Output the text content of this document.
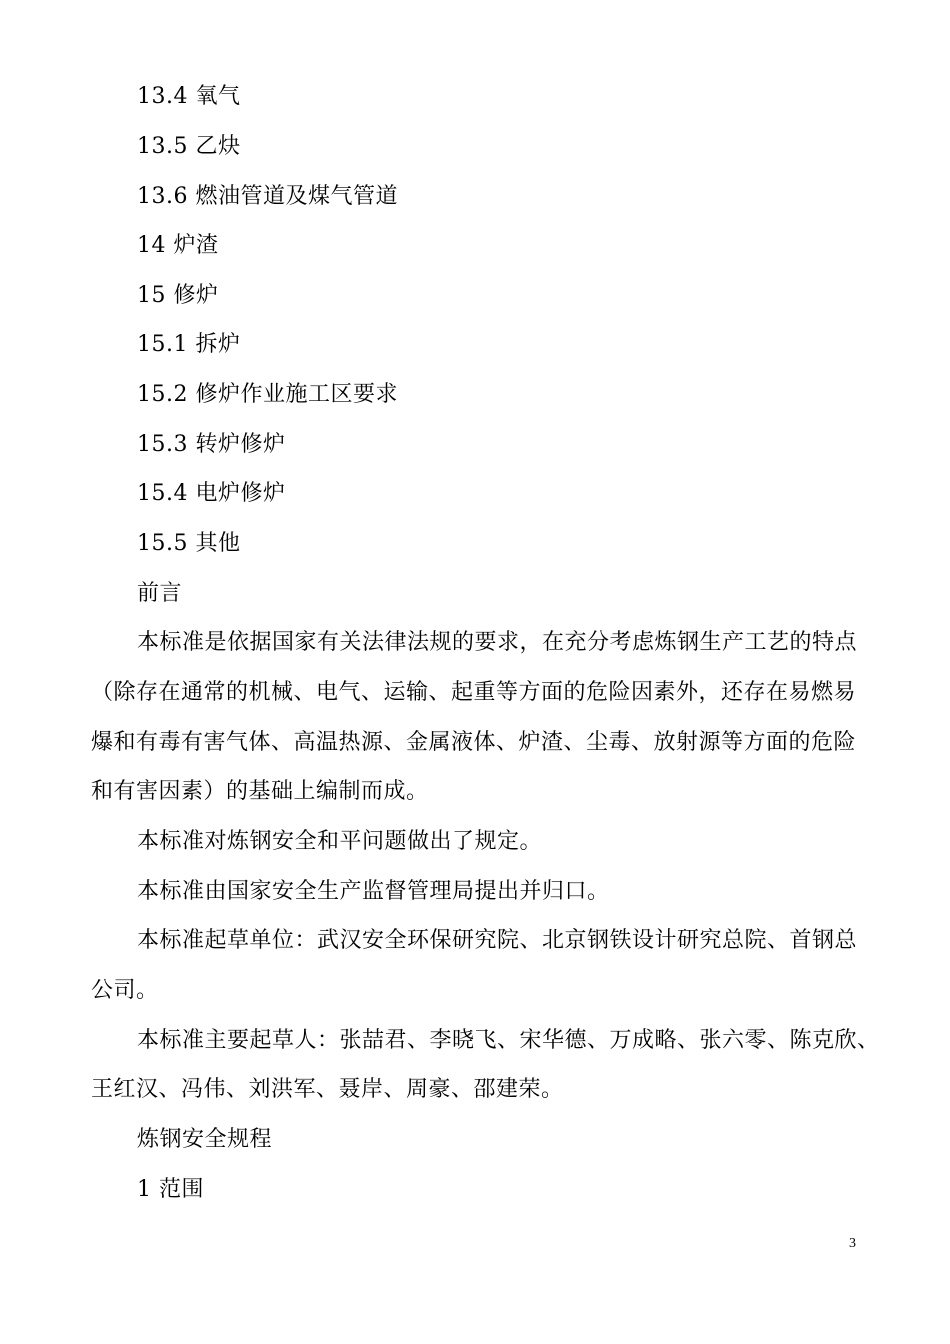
13.4 氧气
13.5 乙炔
13.6 燃油管道及煤气管道
14 炉渣
15 修炉
15.1 拆炉
15.2 修炉作业施工区要求
15.3 转炉修炉
15.4 电炉修炉
15.5 其他
前言
本标准是依据国家有关法律法规的要求，在充分考虑炼钢生产工艺的特点
（除存在通常的机械、电气、运输、起重等方面的危险因素外，还存在易燃易
爆和有毒有害气体、高温热源、金属液体、炉渣、尘毒、放射源等方面的危险
和有害因素）的基础上编制而成。
本标准对炼钢安全和平问题做出了规定。
本标准由国家安全生产监督管理局提出并归口。
本标准起草单位：武汉安全环保研究院、北京钢铁设计研究总院、首钢总
公司。
本标准主要起草人：张喆君、李晓飞、宋华德、万成略、张六零、陈克欣、
王红汉、冯伟、刘洪军、聂岸、周豪、邵建荣。
炼钢安全规程
1 范围
3
